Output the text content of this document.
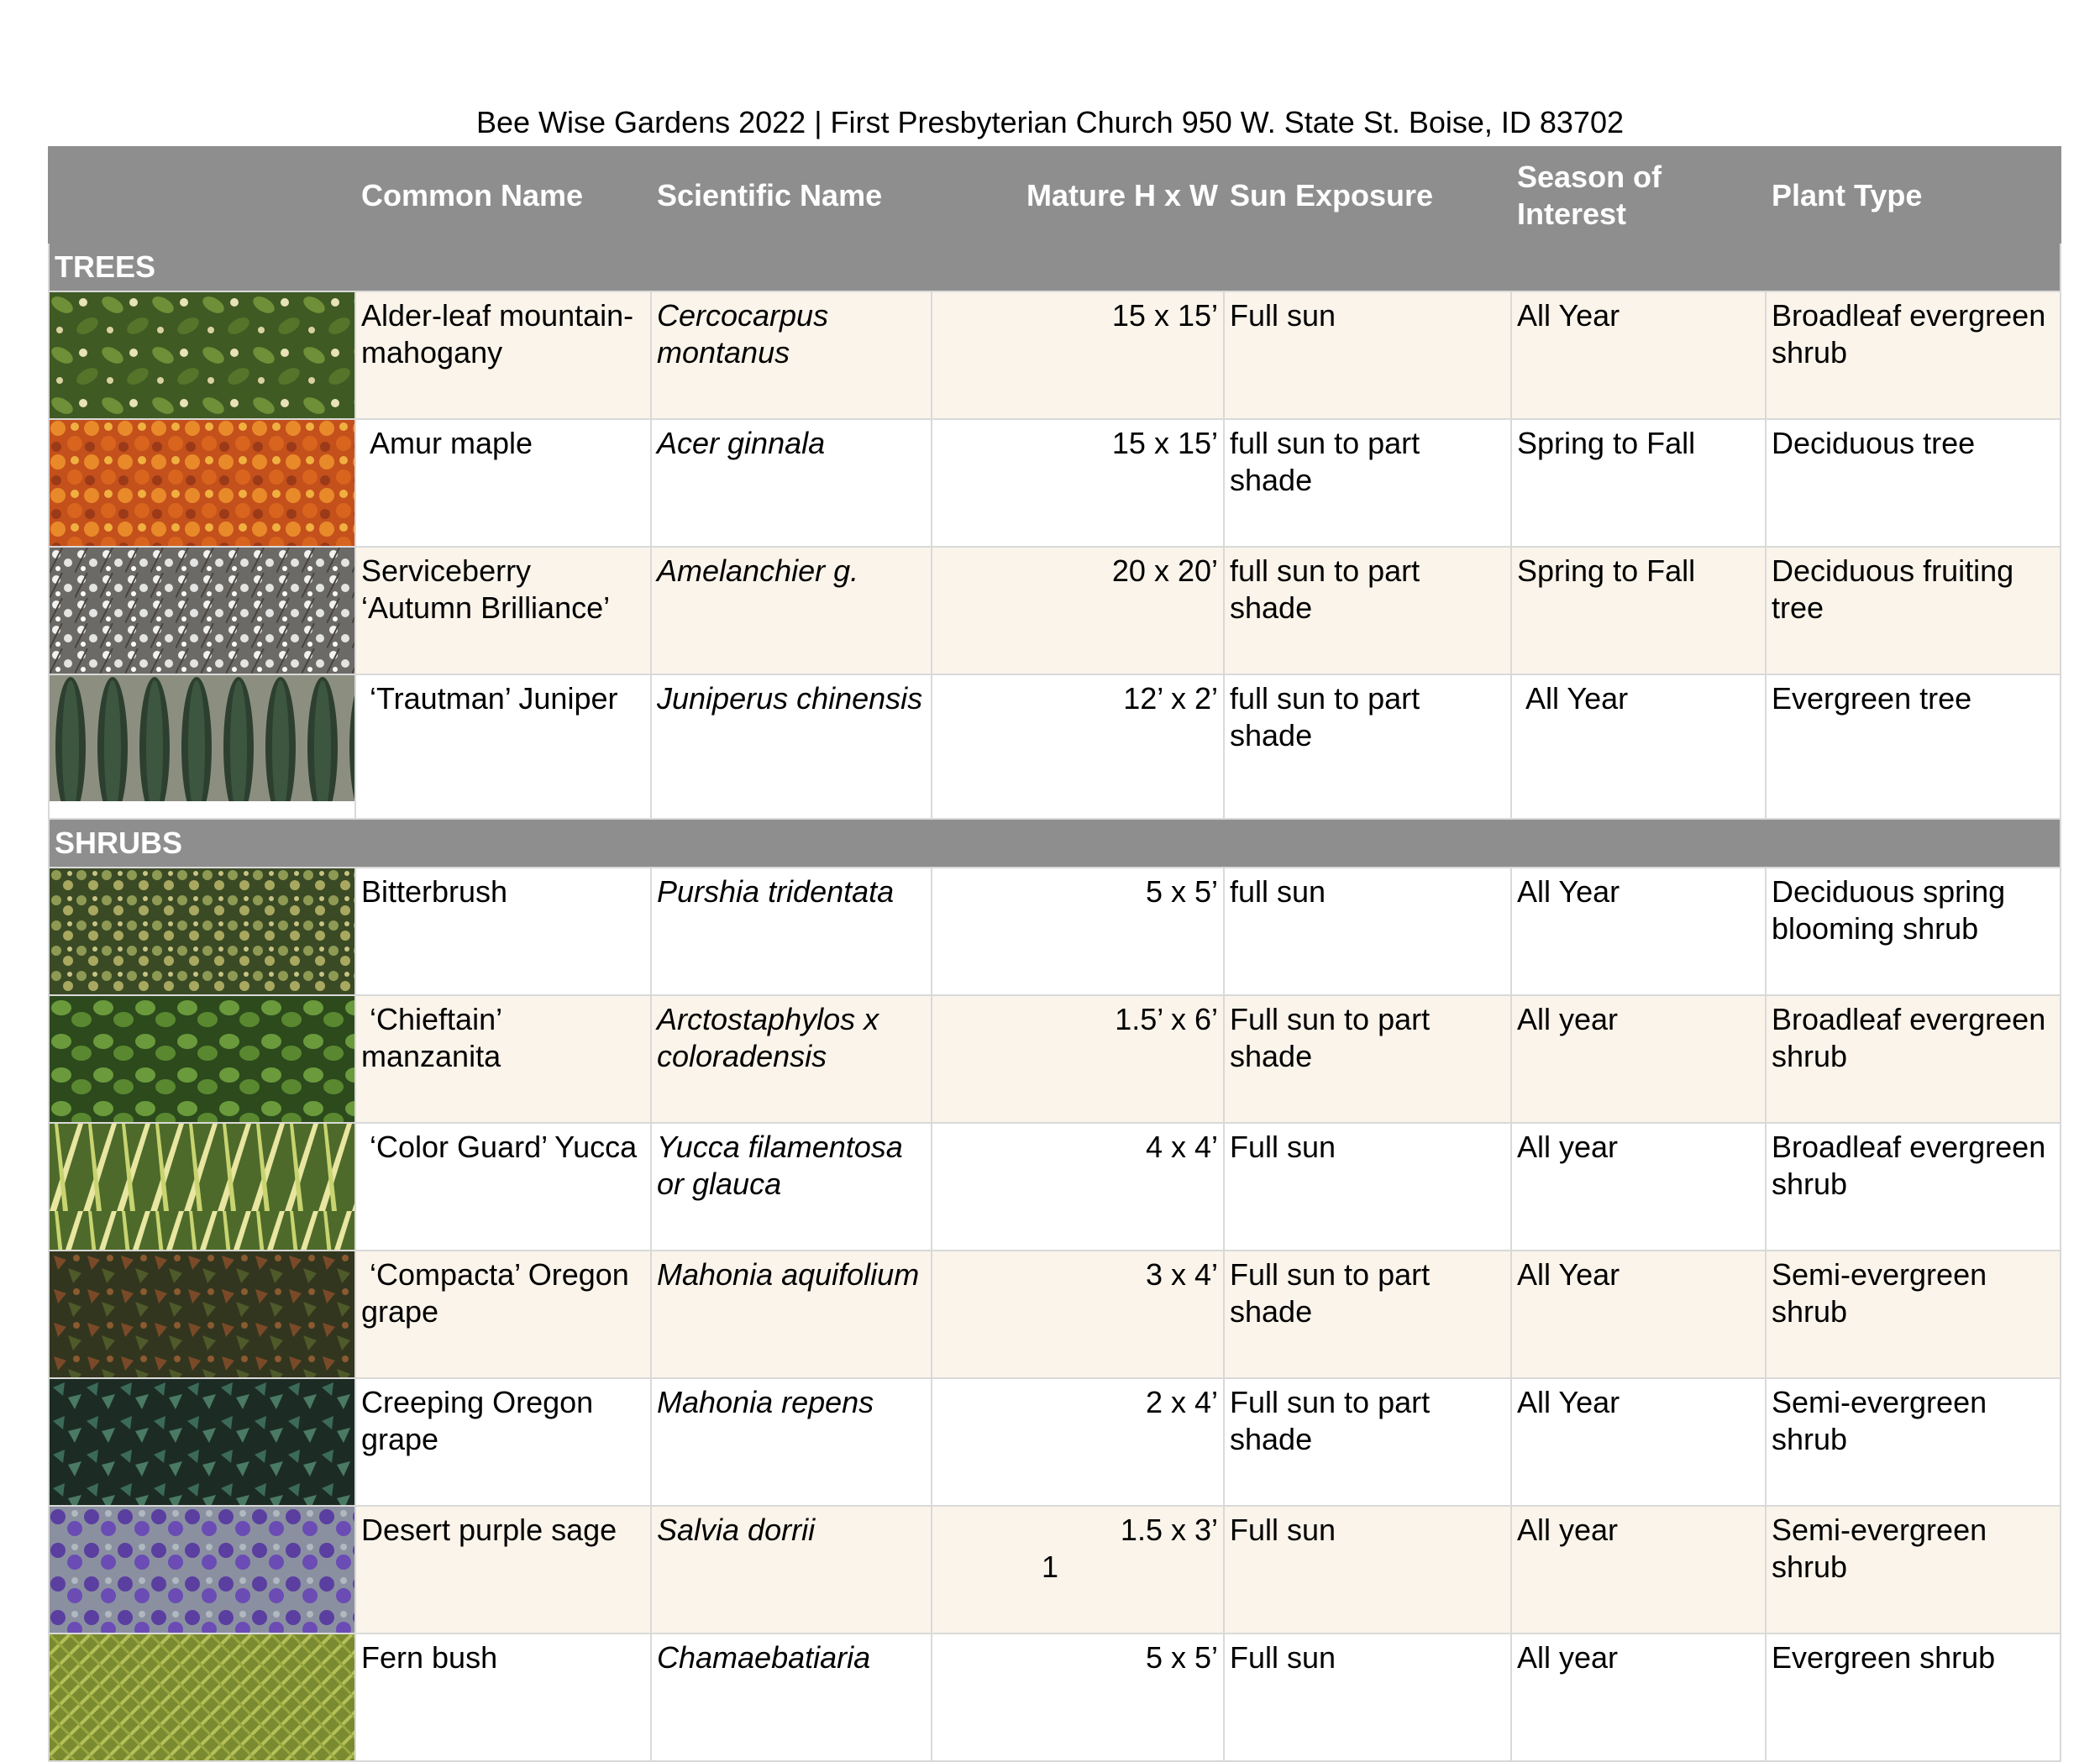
Bee Wise Gardens 2022 | First Presbyterian Church 950 W. State St. Boise, ID 83702
	Common Name	Scientific Name	Mature H x W	Sun Exposure	Season of Interest	Plant Type
TREES						

	Alder-leaf mountain-mahogany	Cercocarpus montanus	15 x 15’	Full sun	All Year	Broadleaf evergreen shrub

	Amur maple	Acer ginnala	15 x 15’	full sun to part shade	Spring to Fall	Deciduous tree

	Serviceberry ‘Autumn Brilliance’	Amelanchier g.	20 x 20’	full sun to part shade	Spring to Fall	Deciduous fruiting tree

	‘Trautman’ Juniper	Juniperus chinensis	12’ x 2’	full sun to part shade	All Year	Evergreen tree
SHRUBS						

	Bitterbrush	Purshia tridentata	5 x 5’	full sun	All Year	Deciduous spring blooming shrub

	‘Chieftain’ manzanita	Arctostaphylos x coloradensis	1.5’ x 6’	Full sun to part shade	All year	Broadleaf evergreen shrub

	‘Color Guard’ Yucca	Yucca filamentosa or glauca	4 x 4’	Full sun	All year	Broadleaf evergreen shrub

	‘Compacta’ Oregon grape	Mahonia aquifolium	3 x 4’	Full sun to part shade	All Year	Semi-evergreen shrub

	Creeping Oregon grape	Mahonia repens	2 x 4’	Full sun to part shade	All Year	Semi-evergreen shrub

	Desert purple sage	Salvia dorrii	1.5 x 3’	Full sun	All year	Semi-evergreen shrub

	Fern bush	Chamaebatiaria	5 x 5’	Full sun	All year	Evergreen shrub
1
